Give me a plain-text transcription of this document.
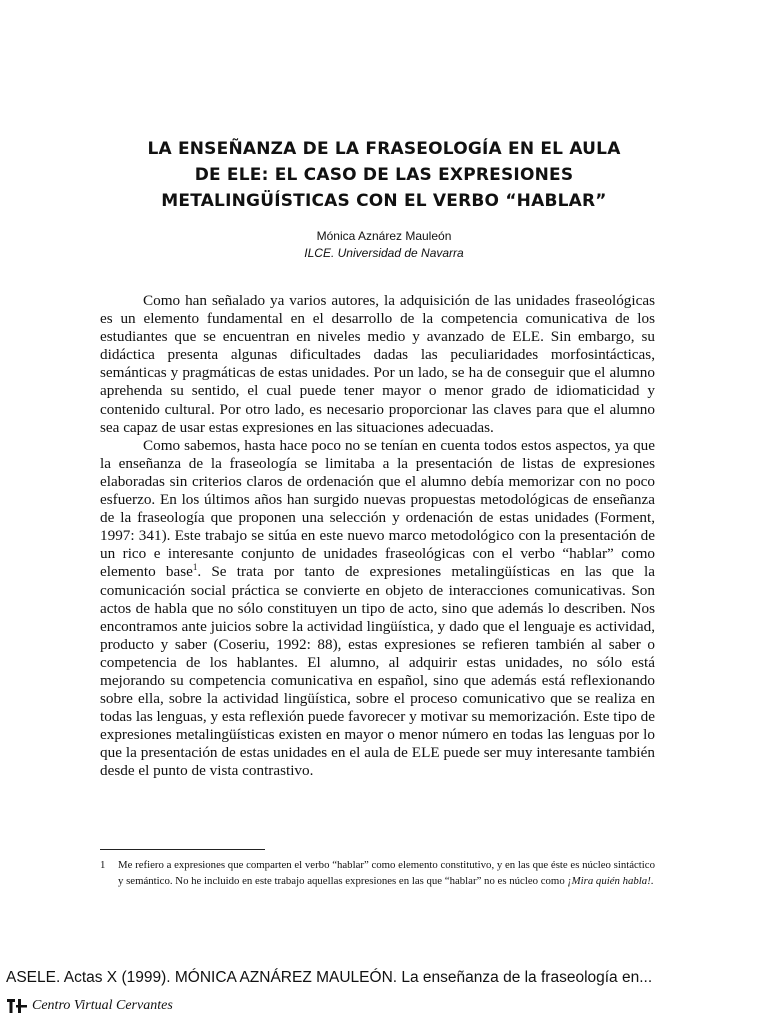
LA ENSEÑANZA DE LA FRASEOLOGÍA EN EL AULA
DE ELE: EL CASO DE LAS EXPRESIONES
METALINGÜÍSTICAS CON EL VERBO “HABLAR”
Mónica Aznárez Mauleón
ILCE. Universidad de Navarra

Como han señalado ya varios autores, la adquisición de las unidades fraseológicas es un elemento fundamental en el desarrollo de la competencia comunicativa de los estudiantes que se encuentran en niveles medio y avanzado de ELE. Sin embargo, su didáctica presenta algunas dificultades dadas las peculiaridades morfosintácticas, semánticas y pragmáticas de estas unidades. Por un lado, se ha de conseguir que el alumno aprehenda su sentido, el cual puede tener mayor o menor grado de idiomaticidad y contenido cultural. Por otro lado, es necesario proporcionar las claves para que el alumno sea capaz de usar estas expresiones en las situaciones adecuadas.

Como sabemos, hasta hace poco no se tenían en cuenta todos estos aspectos, ya que la enseñanza de la fraseología se limitaba a la presentación de listas de expresiones elaboradas sin criterios claros de ordenación que el alumno debía memorizar con no poco esfuerzo. En los últimos años han surgido nuevas propuestas metodológicas de enseñanza de la fraseología que proponen una selección y ordenación de estas unidades (Forment, 1997: 341). Este trabajo se sitúa en este nuevo marco metodológico con la presentación de un rico e interesante conjunto de unidades fraseológicas con el verbo “hablar” como elemento base$^1$. Se trata por tanto de expresiones metalingüísticas en las que la comunicación social práctica se convierte en objeto de interacciones comunicativas. Son actos de habla que no sólo constituyen un tipo de acto, sino que además lo describen. Nos encontramos ante juicios sobre la actividad lingüística, y dado que el lenguaje es actividad, producto y saber (Coseriu, 1992: 88), estas expresiones se refieren también al saber o competencia de los hablantes. El alumno, al adquirir estas unidades, no sólo está mejorando su competencia comunicativa en español, sino que además está reflexionando sobre ella, sobre la actividad lingüística, sobre el proceso comunicativo que se realiza en todas las lenguas, y esta reflexión puede favorecer y motivar su memorización. Este tipo de expresiones metalingüísticas existen en mayor o menor número en todas las lenguas por lo que la presentación de estas unidades en el aula de ELE puede ser muy interesante también desde el punto de vista contrastivo.

1 Me refiero a expresiones que comparten el verbo “hablar” como elemento constitutivo, y en las que éste es núcleo sintáctico y semántico. No he incluido en este trabajo aquellas expresiones en las que “hablar” no es núcleo como ¡Mira quién habla!.
ASELE. Actas X (1999). MÓNICA AZNÁREZ MAULEÓN. La enseñanza de la fraseología en...
Centro Virtual Cervantes
